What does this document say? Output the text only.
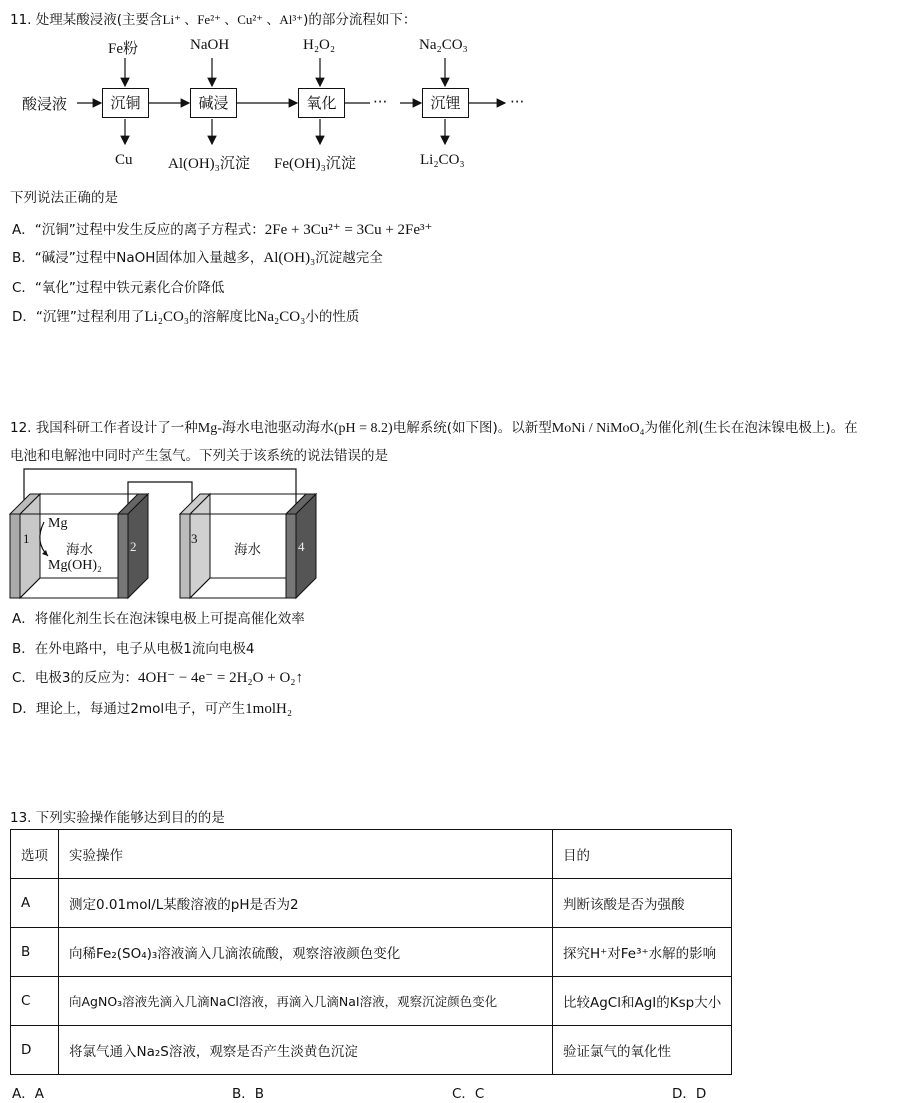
11. 处理某酸浸液(主要含Li⁺ 、Fe²⁺ 、Cu²⁺ 、Al³⁺)的部分流程如下：
酸浸液	沉铜	碱浸	氧化	沉锂
···	···
Fe粉	NaOH	H₂O₂	Na₂CO₃
Cu Al(OH)₃沉淀 Fe(OH)₃沉淀	Li₂CO₃
下列说法正确的是
A．“沉铜”过程中发生反应的离子方程式：2Fe + 3Cu²⁺ = 3Cu + 2Fe³⁺
B．“碱浸”过程中NaOH固体加入量越多，Al(OH)₃沉淀越完全
C．“氧化”过程中铁元素化合价降低
D．“沉锂”过程利用了Li₂CO₃的溶解度比Na₂CO₃小的性质
12. 我国科研工作者设计了一种Mg-海水电池驱动海水(pH = 8.2)电解系统(如下图)。以新型MoNi / NiMoO₄为催化剂(生长在泡沫镍电极上)。在
电池和电解池中同时产生氢气。下列关于该系统的说法错误的是
1
2
3
4
Mg
海水
Mg(OH)₂
海水
A．将催化剂生长在泡沫镍电极上可提高催化效率
B．在外电路中，电子从电极1流向电极4
C．电极3的反应为：4OH⁻ − 4e⁻ = 2H₂O + O₂↑
D．理论上，每通过2mol电子，可产生1molH₂
13. 下列实验操作能够达到目的的是
选项	实验操作	目的
A	测定0.01mol/L某酸溶液的pH是否为2	判断该酸是否为强酸
B	向稀Fe₂(SO₄)₃溶液滴入几滴浓硫酸，观察溶液颜色变化	探究H⁺对Fe³⁺水解的影响
C	向AgNO₃溶液先滴入几滴NaCl溶液，再滴入几滴NaI溶液，观察沉淀颜色变化	比较AgCl和AgI的Ksp大小
D	将氯气通入Na₂S溶液，观察是否产生淡黄色沉淀	验证氯气的氧化性
A．A	B．B	C．C	D．D
